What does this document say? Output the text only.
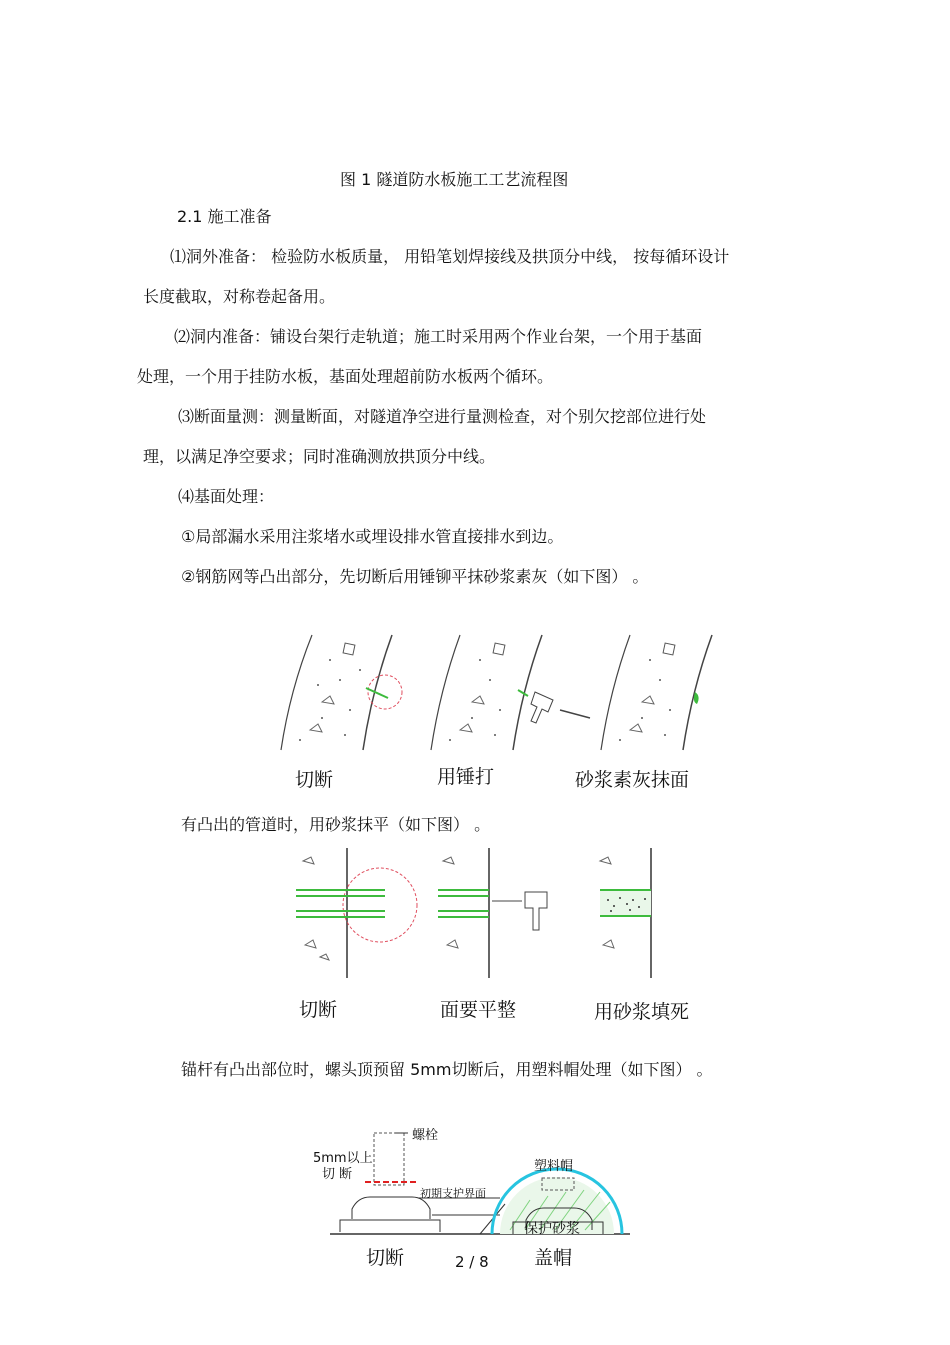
图 1 隧道防水板施工工艺流程图
2.1 施工准备
⑴洞外准备： 检验防水板质量， 用铅笔划焊接线及拱顶分中线， 按每循环设计
长度截取，对称卷起备用。
⑵洞内准备：铺设台架行走轨道；施工时采用两个作业台架，一个用于基面
处理，一个用于挂防水板，基面处理超前防水板两个循环。
⑶断面量测：测量断面，对隧道净空进行量测检查，对个别欠挖部位进行处
理，以满足净空要求；同时准确测放拱顶分中线。
⑷基面处理：
①局部漏水采用注浆堵水或埋设排水管直接排水到边。
②钢筋网等凸出部分，先切断后用锤铆平抹砂浆素灰（如下图） 。
切断	用锤打	砂浆素灰抹面
有凸出的管道时，用砂浆抹平（如下图） 。
切断	面要平整	用砂浆填死
锚杆有凸出部位时，螺头顶预留 5mm切断后，用塑料帽处理（如下图） 。
螺栓
5mm以上
切 断
初期支护界面
塑料帽
保护砂浆
切断	盖帽
2 / 8
